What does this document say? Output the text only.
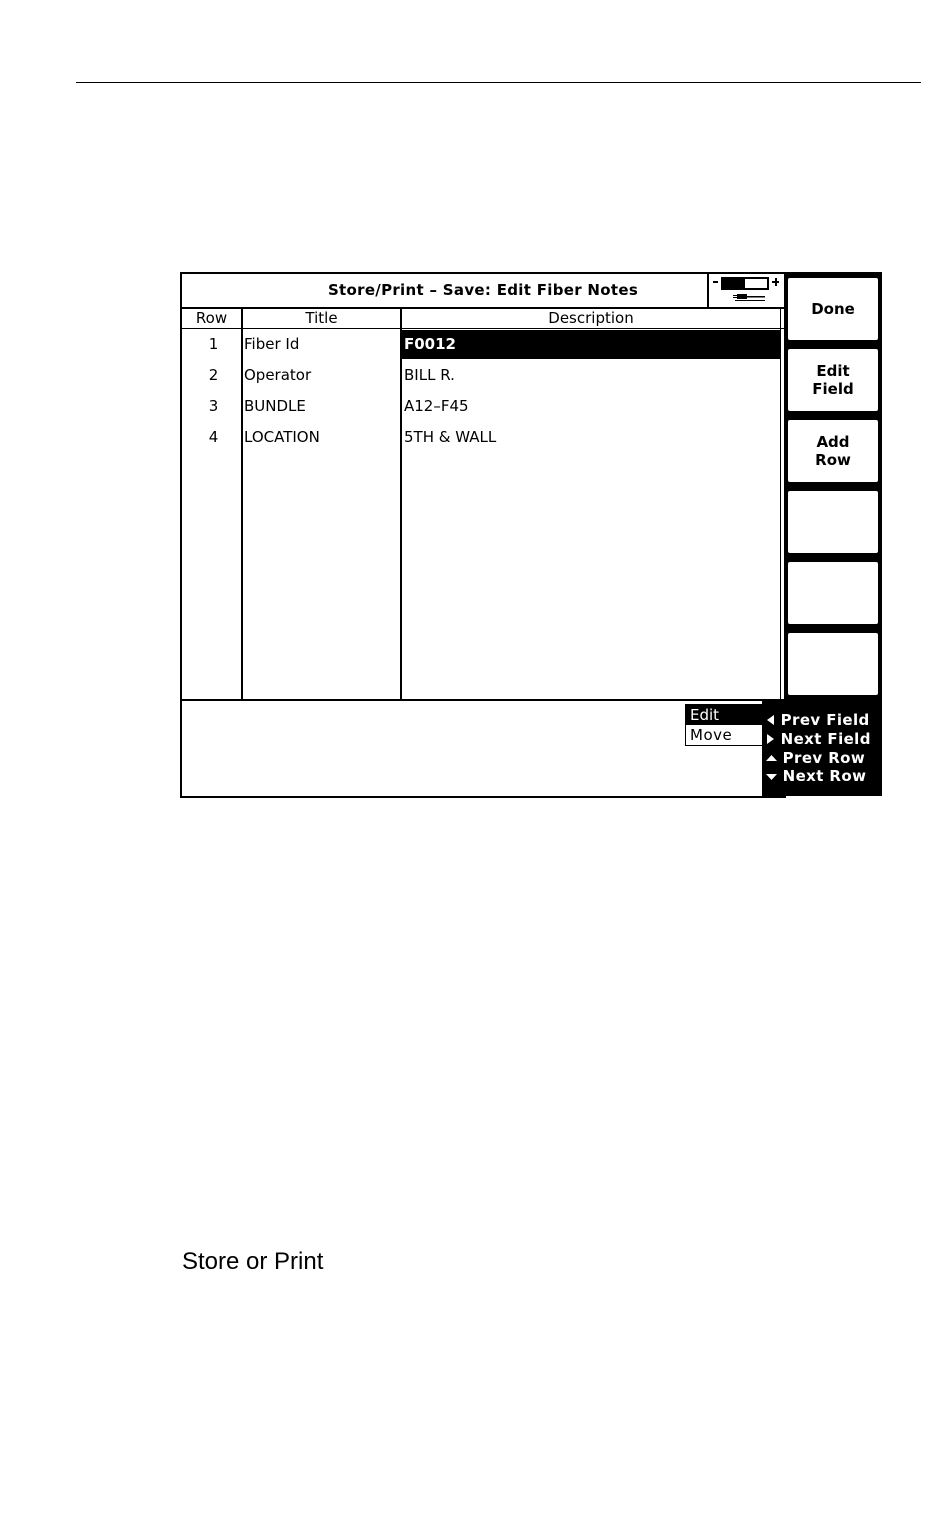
Store/Print – Save: Edit Fiber Notes
Row	Title	Description
1	Fiber Id	F0012
2	Operator	BILL R.
3	BUNDLE	A12–F45
4	LOCATION	5TH & WALL
Edit
Move
Done
Edit
Field
Add
Row
Prev Field
Next Field
Prev Row
Next Row
Store or Print
